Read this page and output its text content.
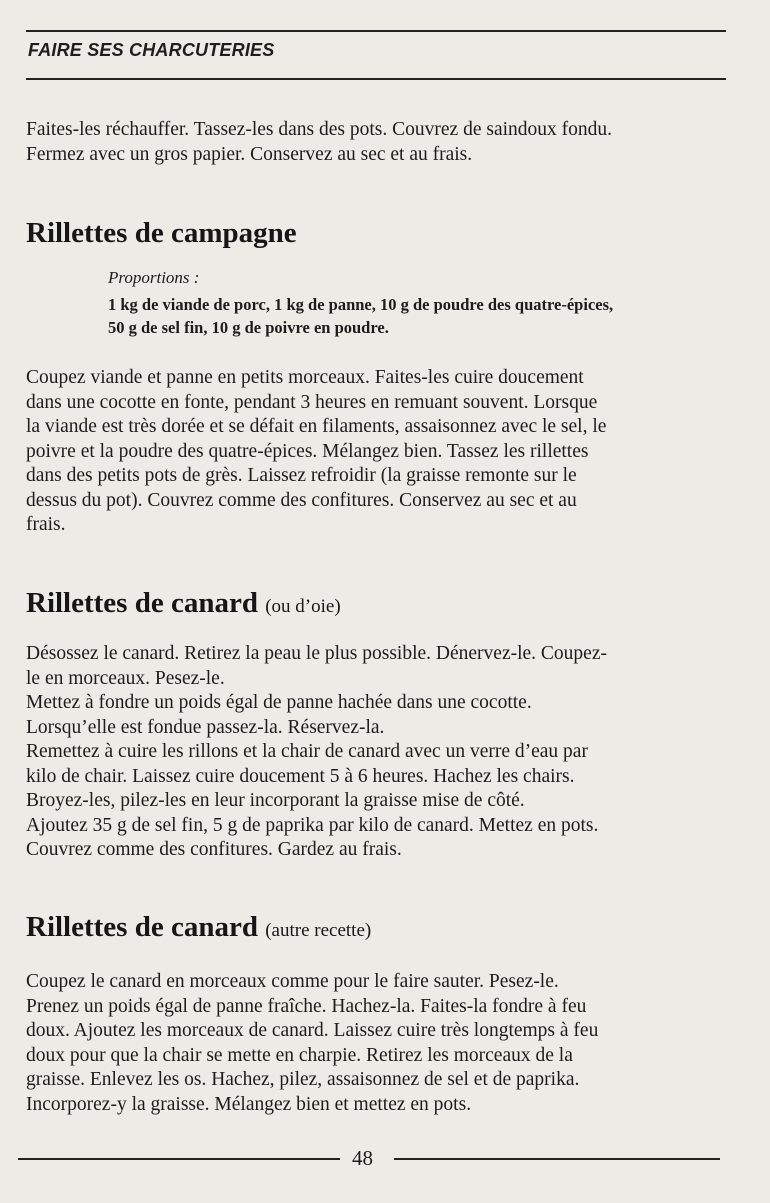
FAIRE SES CHARCUTERIES

Faites-les réchauffer. Tassez-les dans des pots. Couvrez de saindoux fondu.

Fermez avec un gros papier. Conservez au sec et au frais.

Rillettes de campagne
Proportions :
1 kg de viande de porc, 1 kg de panne, 10 g de poudre des quatre-épices,
50 g de sel fin, 10 g de poivre en poudre.

Coupez viande et panne en petits morceaux. Faites-les cuire doucement

dans une cocotte en fonte, pendant 3 heures en remuant souvent. Lorsque

la viande est très dorée et se défait en filaments, assaisonnez avec le sel, le

poivre et la poudre des quatre-épices. Mélangez bien. Tassez les rillettes

dans des petits pots de grès. Laissez refroidir (la graisse remonte sur le

dessus du pot). Couvrez comme des confitures. Conservez au sec et au

frais.

Rillettes de canard (ou d’oie)

Désossez le canard. Retirez la peau le plus possible. Dénervez-le. Coupez-

le en morceaux. Pesez-le.

Mettez à fondre un poids égal de panne hachée dans une cocotte.

Lorsqu’elle est fondue passez-la. Réservez-la.

Remettez à cuire les rillons et la chair de canard avec un verre d’eau par

kilo de chair. Laissez cuire doucement 5 à 6 heures. Hachez les chairs.

Broyez-les, pilez-les en leur incorporant la graisse mise de côté.

Ajoutez 35 g de sel fin, 5 g de paprika par kilo de canard. Mettez en pots.

Couvrez comme des confitures. Gardez au frais.

Rillettes de canard (autre recette)

Coupez le canard en morceaux comme pour le faire sauter. Pesez-le.

Prenez un poids égal de panne fraîche. Hachez-la. Faites-la fondre à feu

doux. Ajoutez les morceaux de canard. Laissez cuire très longtemps à feu

doux pour que la chair se mette en charpie. Retirez les morceaux de la

graisse. Enlevez les os. Hachez, pilez, assaisonnez de sel et de paprika.

Incorporez-y la graisse. Mélangez bien et mettez en pots.

48
